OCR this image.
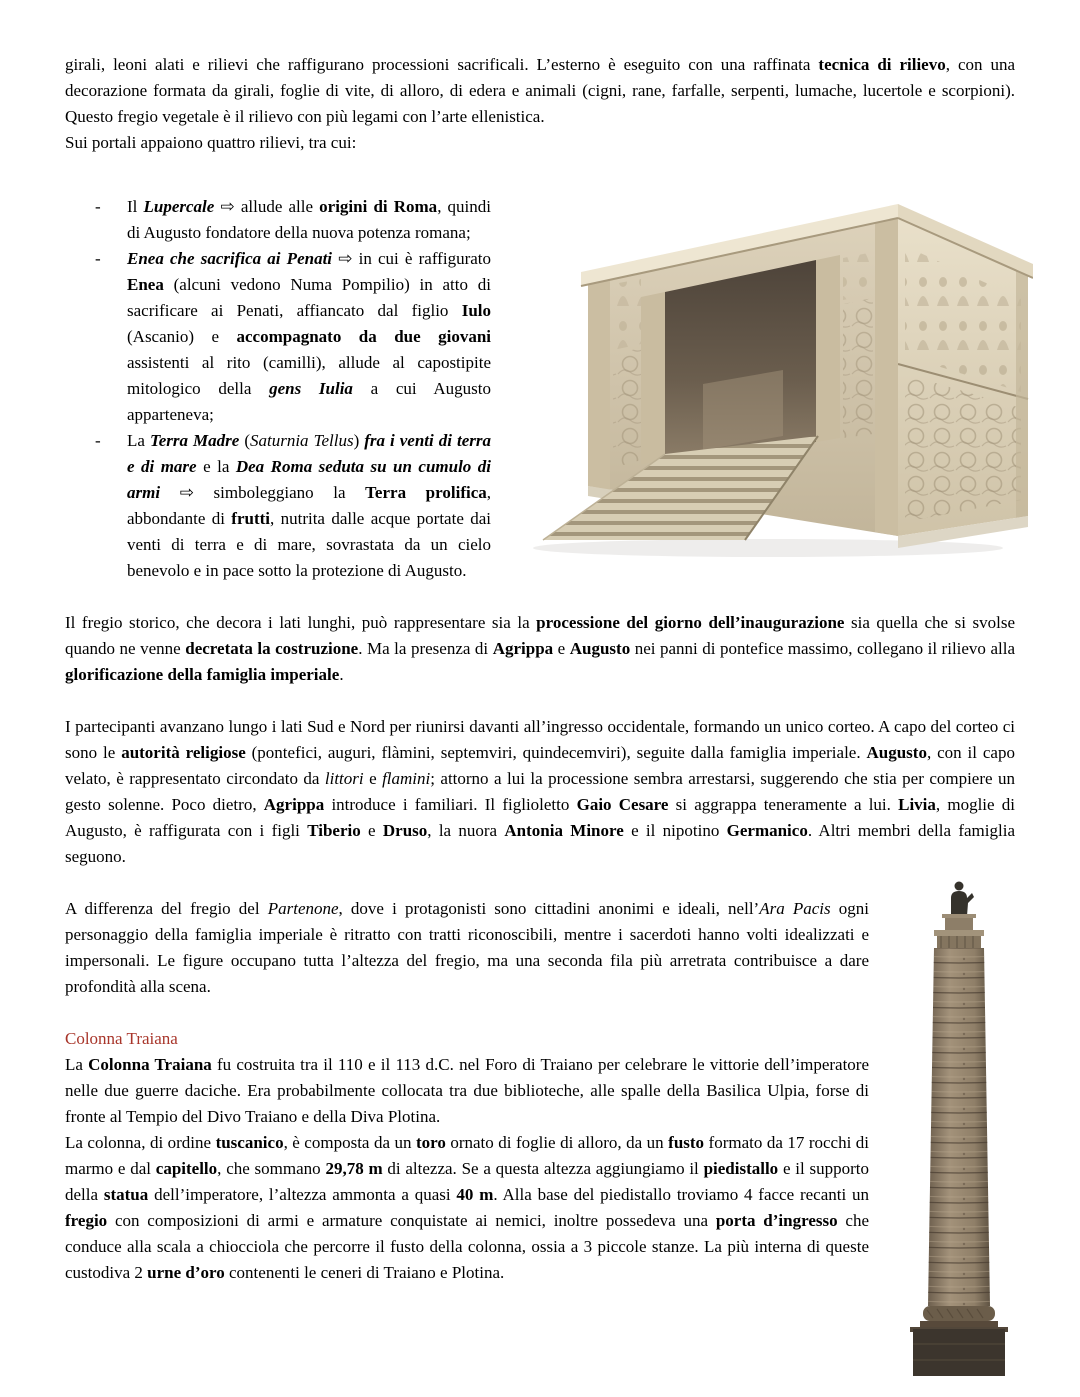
girali, leoni alati e rilievi che raffigurano processioni sacrificali. L’esterno è eseguito con una raffinata tecnica di rilievo, con una decorazione formata da girali, foglie di vite, di alloro, di edera e animali (cigni, rane, farfalle, serpenti, lumache, lucertole e scorpioni). Questo fregio vegetale è il rilievo con più legami con l’arte ellenistica.
Sui portali appaiono quattro rilievi, tra cui:

- Il Lupercale ⇨ allude alle origini di Roma, quindi di Augusto fondatore della nuova potenza romana;
- Enea che sacrifica ai Penati ⇨ in cui è raffigurato Enea (alcuni vedono Numa Pompilio) in atto di sacrificare ai Penati, affiancato dal figlio Iulo (Ascanio) e accompagnato da due giovani assistenti al rito (camilli), allude al capostipite mitologico della gens Iulia a cui Augusto apparteneva;
- La Terra Madre (Saturnia Tellus) fra i venti di terra e di mare e la Dea Roma seduta su un cumulo di armi ⇨ simboleggiano la Terra prolifica, abbondante di frutti, nutrita dalle acque portate dai venti di terra e di mare, sovrastata da un cielo benevolo e in pace sotto la protezione di Augusto.

Il fregio storico, che decora i lati lunghi, può rappresentare sia la processione del giorno dell’inaugurazione sia quella che si svolse quando ne venne decretata la costruzione. Ma la presenza di Agrippa e Augusto nei panni di pontefice massimo, collegano il rilievo alla glorificazione della famiglia imperiale.

I partecipanti avanzano lungo i lati Sud e Nord per riunirsi davanti all’ingresso occidentale, formando un unico corteo. A capo del corteo ci sono le autorità religiose (pontefici, auguri, flàmini, septemviri, quindecemviri), seguite dalla famiglia imperiale. Augusto, con il capo velato, è rappresentato circondato da littori e flamini; attorno a lui la processione sembra arrestarsi, suggerendo che stia per compiere un gesto solenne. Poco dietro, Agrippa introduce i familiari. Il figlioletto Gaio Cesare si aggrappa teneramente a lui. Livia, moglie di Augusto, è raffigurata con i figli Tiberio e Druso, la nuora Antonia Minore e il nipotino Germanico. Altri membri della famiglia seguono.

A differenza del fregio del Partenone, dove i protagonisti sono cittadini anonimi e ideali, nell’Ara Pacis ogni personaggio della famiglia imperiale è ritratto con tratti riconoscibili, mentre i sacerdoti hanno volti idealizzati e impersonali. Le figure occupano tutta l’altezza del fregio, ma una seconda fila più arretrata contribuisce a dare profondità alla scena.

Colonna Traiana

La Colonna Traiana fu costruita tra il 110 e il 113 d.C. nel Foro di Traiano per celebrare le vittorie dell’imperatore nelle due guerre daciche. Era probabilmente collocata tra due biblioteche, alle spalle della Basilica Ulpia, forse di fronte al Tempio del Divo Traiano e della Diva Plotina.

La colonna, di ordine tuscanico, è composta da un toro ornato di foglie di alloro, da un fusto formato da 17 rocchi di marmo e dal capitello, che sommano 29,78 m di altezza. Se a questa altezza aggiungiamo il piedistallo e il supporto della statua dell’imperatore, l’altezza ammonta a quasi 40 m. Alla base del piedistallo troviamo 4 facce recanti un fregio con composizioni di armi e armature conquistate ai nemici, inoltre possedeva una porta d’ingresso che conduce alla scala a chiocciola che percorre il fusto della colonna, ossia a 3 piccole stanze. La più interna di queste custodiva 2 urne d’oro contenenti le ceneri di Traiano e Plotina.
